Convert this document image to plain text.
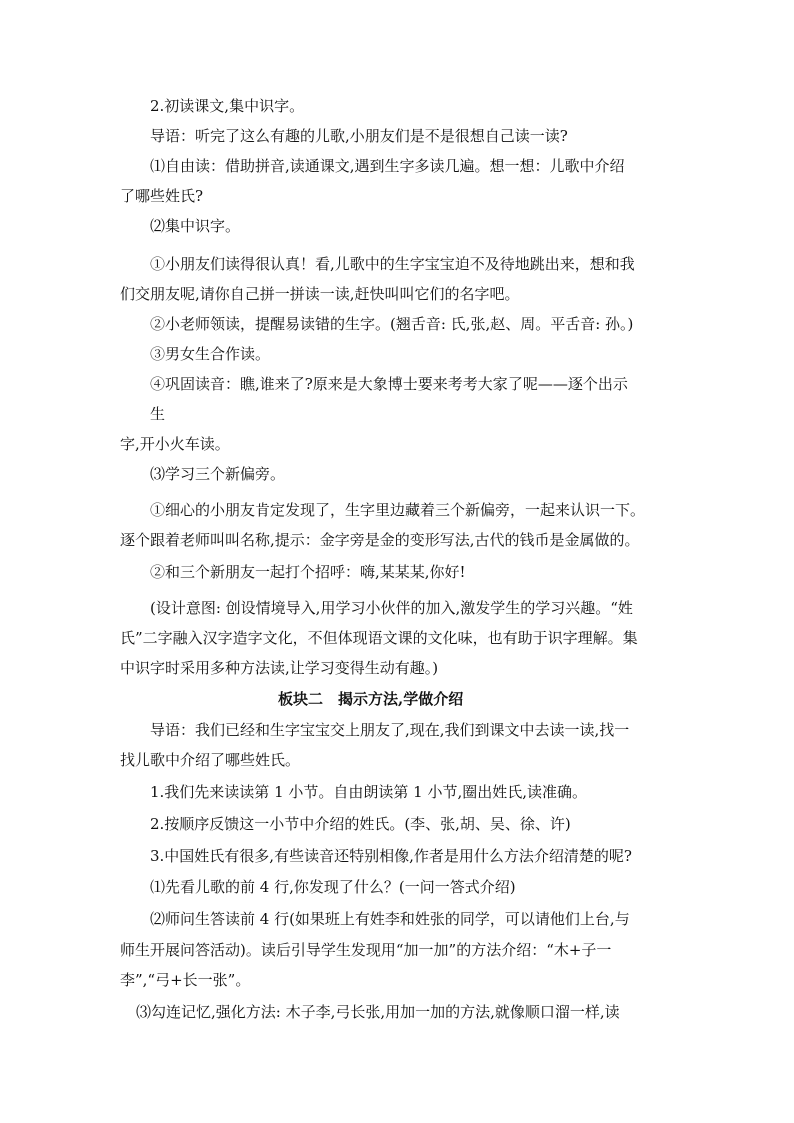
2.初读课文,集中识字。
导语：听完了这么有趣的儿歌,小朋友们是不是很想自己读一读?
⑴自由读：借助拼音,读通课文,遇到生字多读几遍。想一想：儿歌中介绍
了哪些姓氏?
⑵集中识字。
①小朋友们读得很认真！看,儿歌中的生字宝宝迫不及待地跳出来，想和我
们交朋友呢,请你自己拼一拼读一读,赶快叫叫它们的名字吧。
②小老师领读，提醒易读错的生字。(翘舌音: 氏,张,赵、周。平舌音: 孙。)
③男女生合作读。
④巩固读音：瞧,谁来了?原来是大象博士要来考考大家了呢——逐个出示
生
字,开小火车读。
⑶学习三个新偏旁。
①细心的小朋友肯定发现了，生字里边藏着三个新偏旁，一起来认识一下。
逐个跟着老师叫叫名称,提示：金字旁是金的变形写法,古代的钱币是金属做的。
②和三个新朋友一起打个招呼：嗨,某某某,你好!
(设计意图: 创设情境导入,用学习小伙伴的加入,激发学生的学习兴趣。“姓
氏”二字融入汉字造字文化，不但体现语文课的文化味，也有助于识字理解。集
中识字时采用多种方法读,让学习变得生动有趣。)
板块二　揭示方法,学做介绍
导语：我们已经和生字宝宝交上朋友了,现在,我们到课文中去读一读,找一
找儿歌中介绍了哪些姓氏。
1.我们先来读读第 1 小节。自由朗读第 1 小节,圈出姓氏,读准确。
2.按顺序反馈这一小节中介绍的姓氏。(李、张,胡、吴、徐、许)
3.中国姓氏有很多,有些读音还特别相像,作者是用什么方法介绍清楚的呢?
⑴先看儿歌的前 4 行,你发现了什么？(一问一答式介绍)
⑵师问生答读前 4 行(如果班上有姓李和姓张的同学，可以请他们上台,与
师生开展问答活动)。读后引导学生发现用“加一加”的方法介绍：“木+子一
李”,“弓+长一张”。
⑶勾连记忆,强化方法: 木子李,弓长张,用加一加的方法,就像顺口溜一样,读
